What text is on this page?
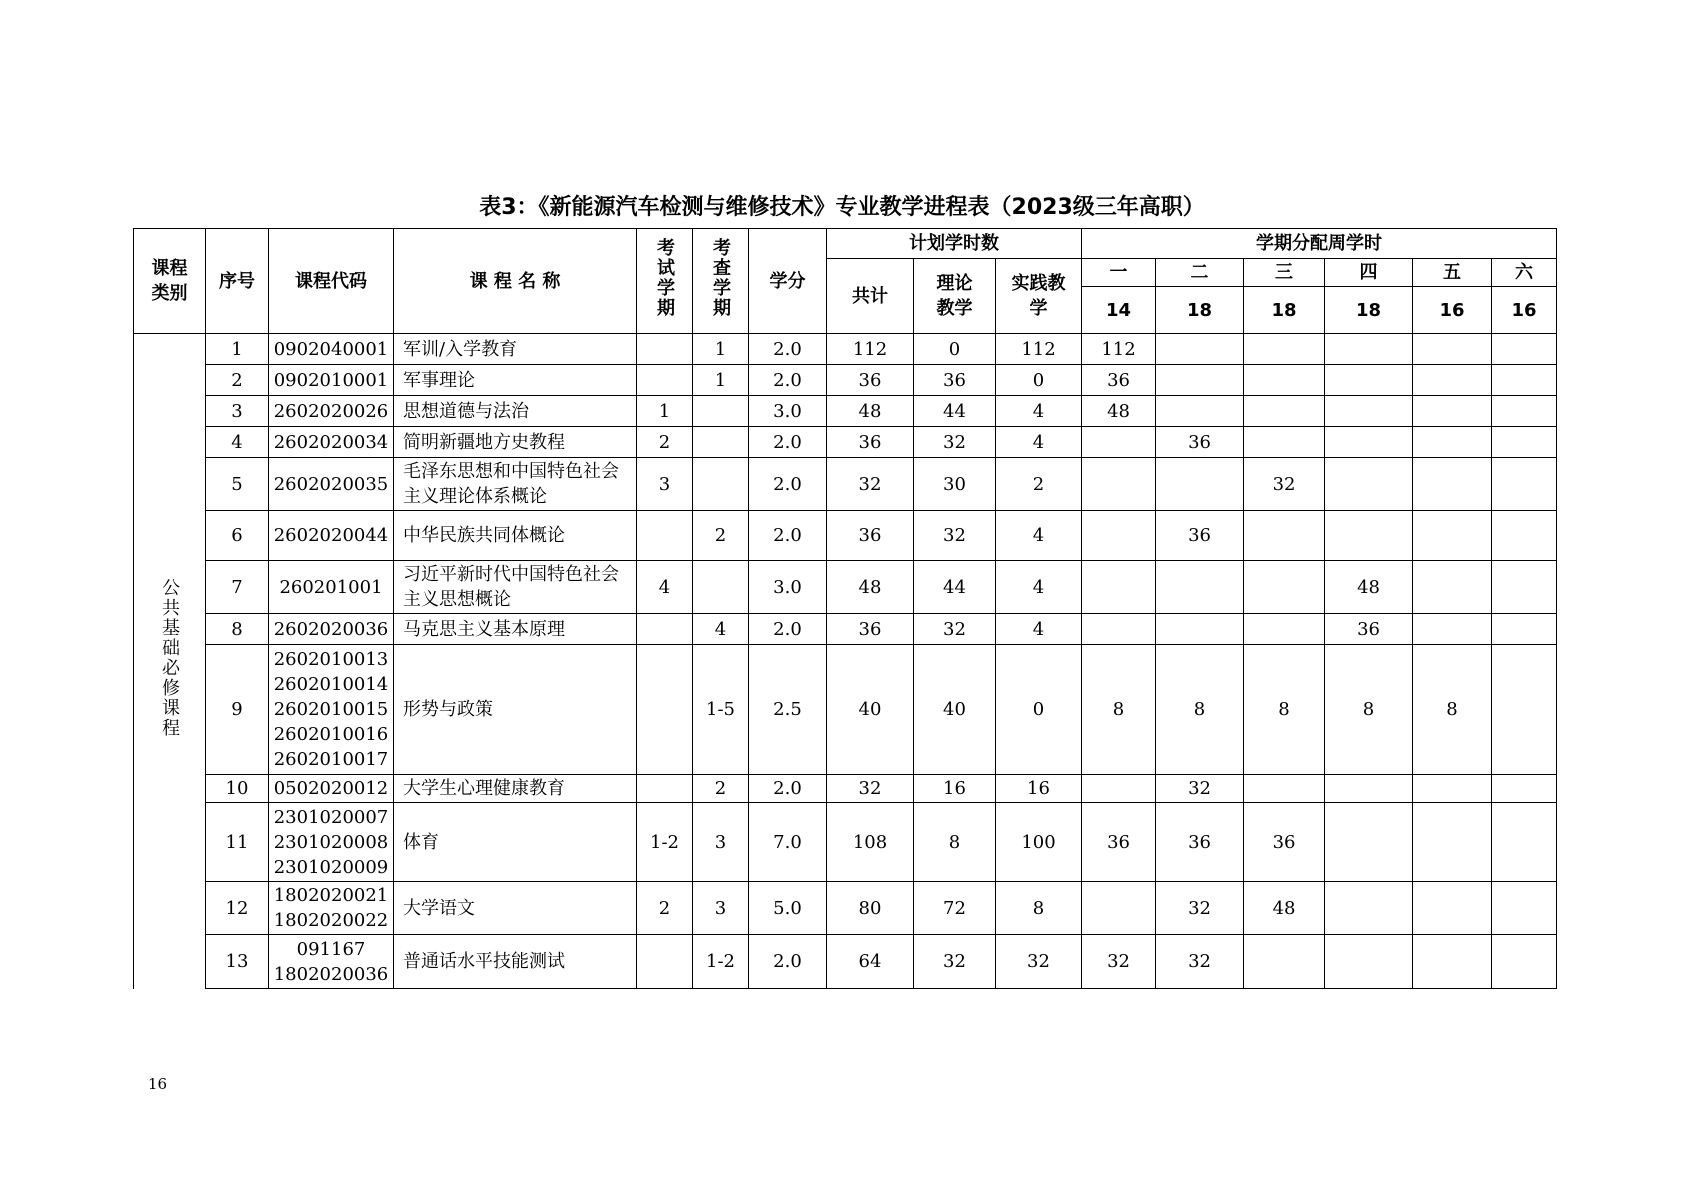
表3：《新能源汽车检测与维修技术》专业教学进程表（2023级三年高职）
课程类别	序号	课程代码	课 程 名 称	考试学期	考查学期	学分	计划学时数			学期分配周学时					
							共计	理论教学	实践教学	一	二	三	四	五	六
										14	18	18	18	16	16
公共基础必修课程	1	0902040001	军训/入学教育		1	2.0	112	0	112	112					
	2	0902010001	军事理论		1	2.0	36	36	0	36					
	3	2602020026	思想道德与法治	1		3.0	48	44	4	48					
	4	2602020034	简明新疆地方史教程	2		2.0	36	32	4		36				
	5	2602020035	毛泽东思想和中国特色社会主义理论体系概论	3		2.0	32	30	2			32			
	6	2602020044	中华民族共同体概论		2	2.0	36	32	4		36				
	7	260201001	习近平新时代中国特色社会主义思想概论	4		3.0	48	44	4				48		
	8	2602020036	马克思主义基本原理		4	2.0	36	32	4				36		
	9	2602010013
2602010014
2602010015
2602010016
2602010017	形势与政策		1-5	2.5	40	40	0	8	8	8	8	8	
	10	0502020012	大学生心理健康教育		2	2.0	32	16	16		32				
	11	2301020007
2301020008
2301020009	体育	1-2	3	7.0	108	8	100	36	36	36			
	12	1802020021
1802020022	大学语文	2	3	5.0	80	72	8		32	48			
	13	091167
1802020036	普通话水平技能测试		1-2	2.0	64	32	32	32	32				
16
